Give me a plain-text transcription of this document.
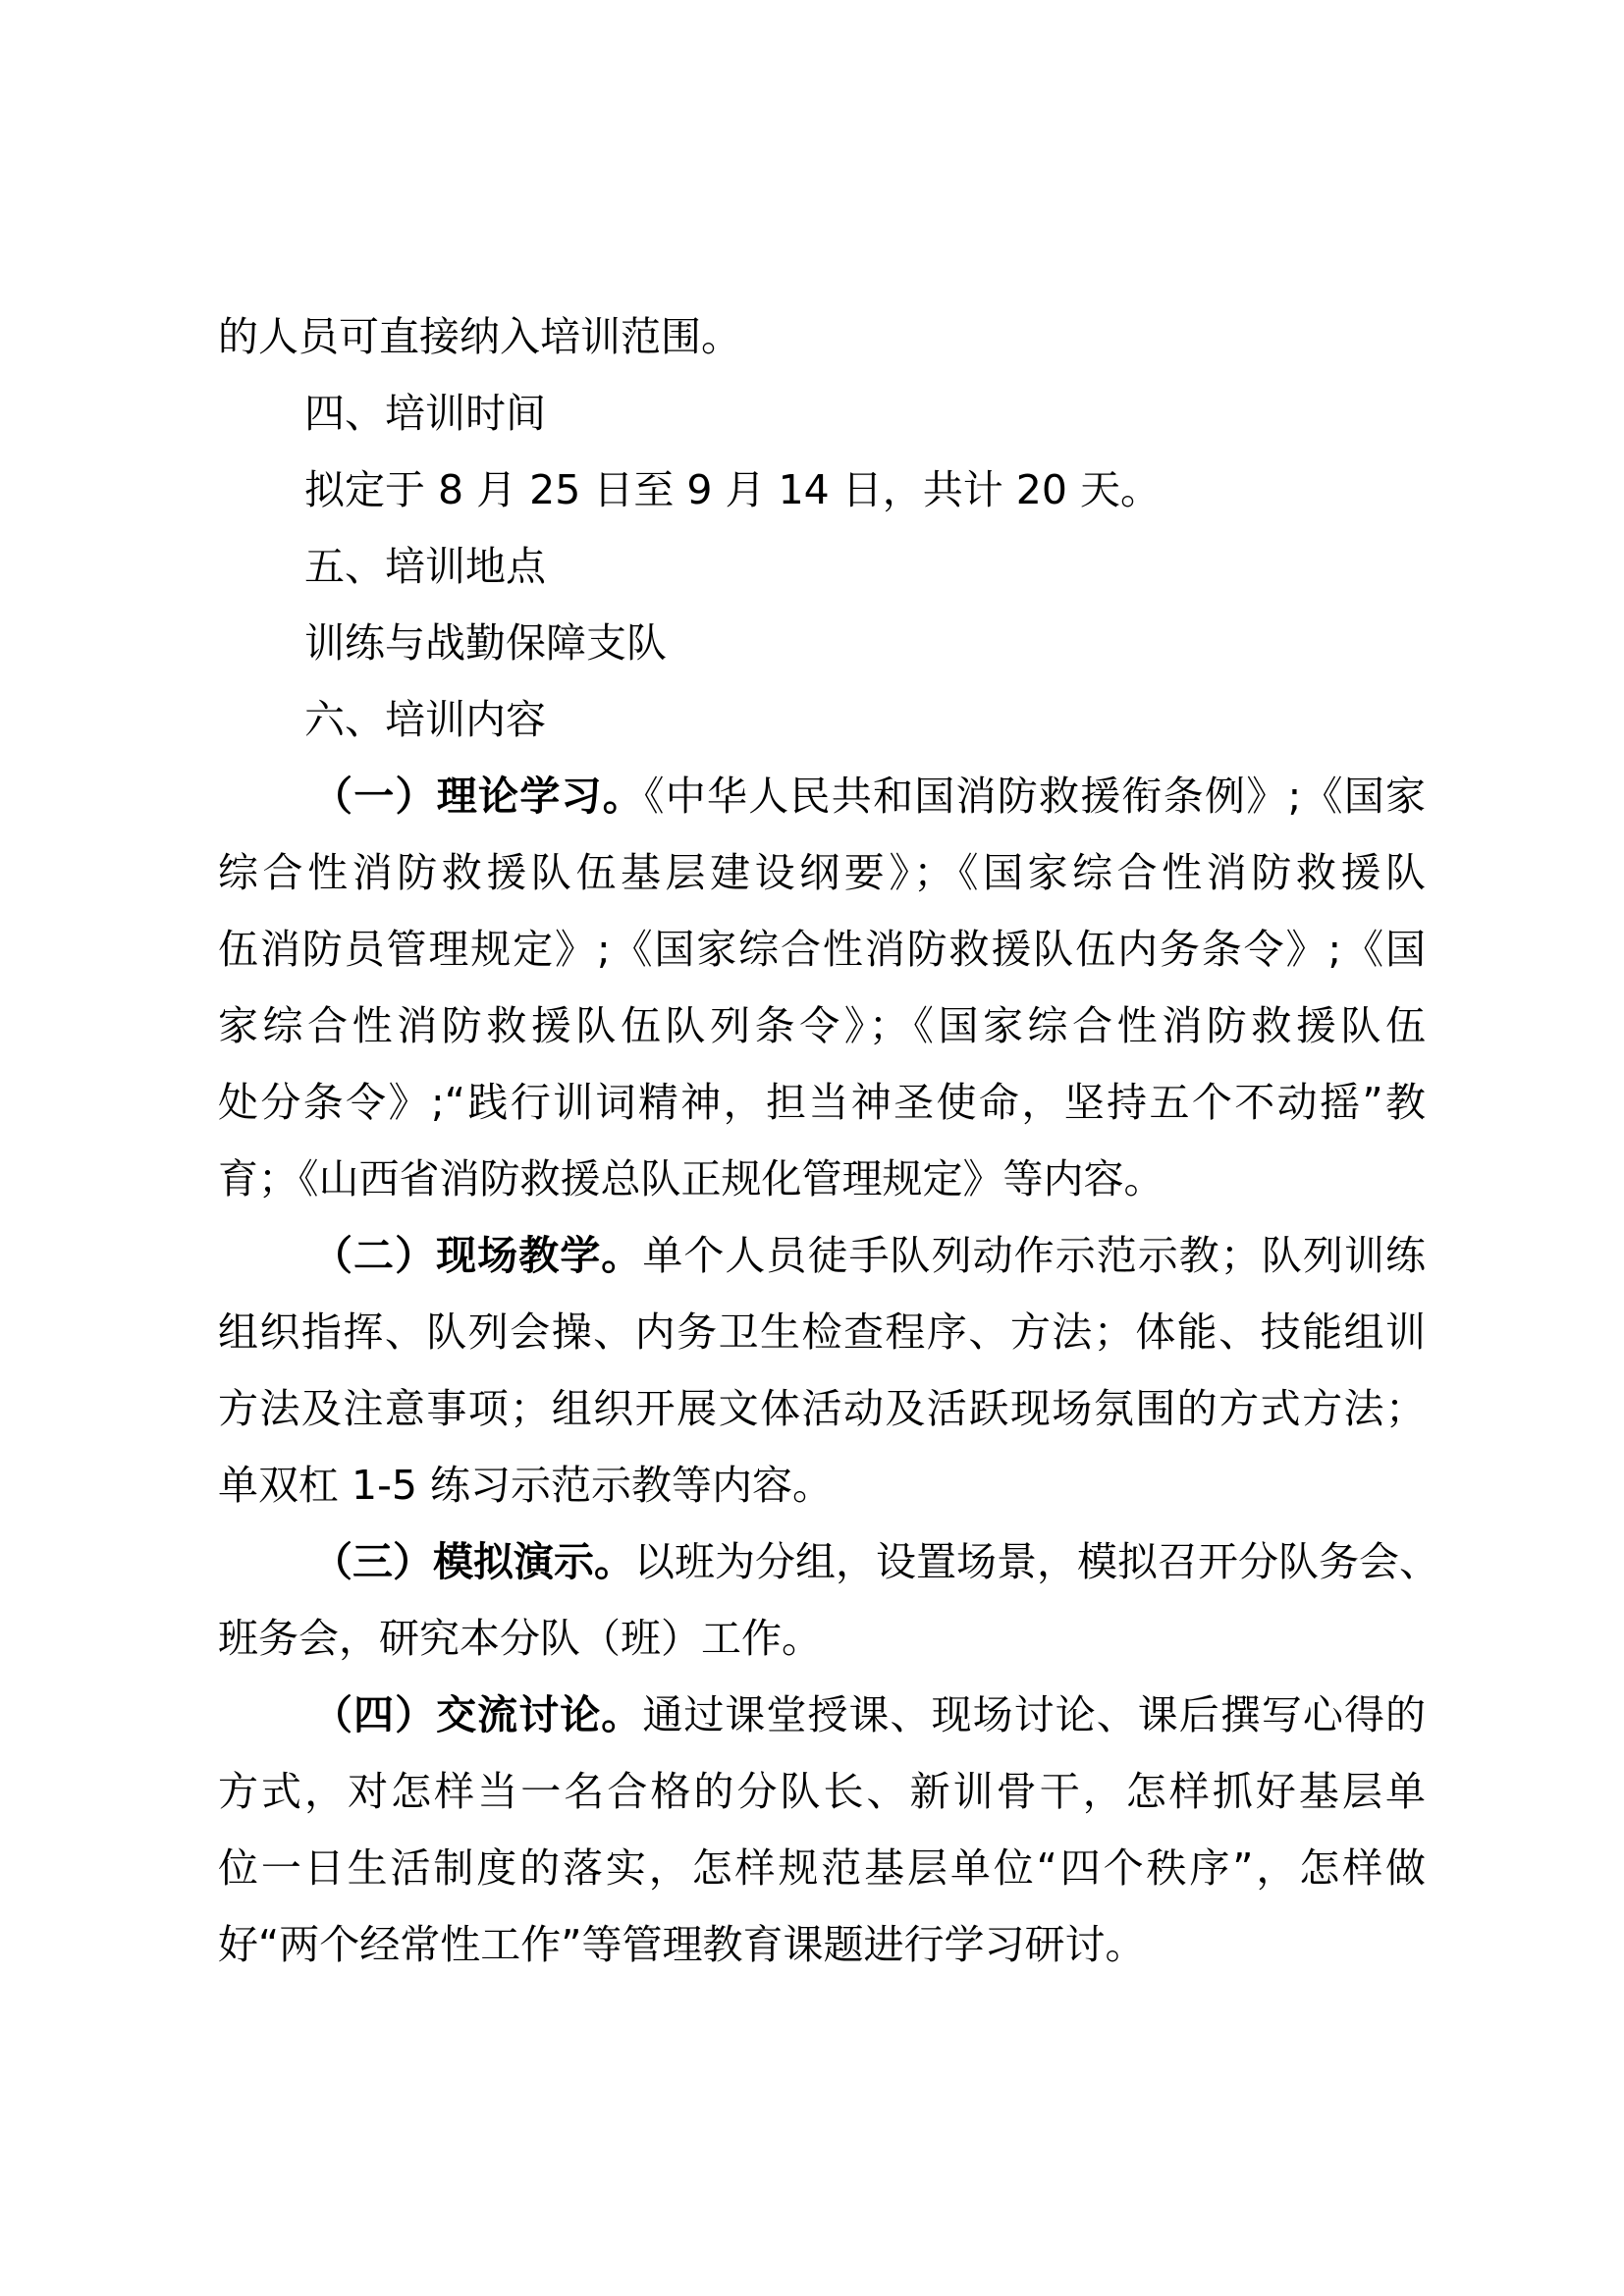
的人员可直接纳入培训范围。
四、培训时间
拟定于 8 月 25 日至 9 月 14 日，共计 20 天。
五、培训地点
训练与战勤保障支队
六、培训内容
（一）理论学习。《中华人民共和国消防救援衔条例》;《国家
综合性消防救援队伍基层建设纲要》；《国家综合性消防救援队
伍消防员管理规定》;《国家综合性消防救援队伍内务条令》;《国
家综合性消防救援队伍队列条令》；《国家综合性消防救援队伍
处分条令》;“践行训词精神，担当神圣使命，坚持五个不动摇”教
育；《山西省消防救援总队正规化管理规定》等内容。
（二）现场教学。单个人员徒手队列动作示范示教；队列训练
组织指挥、队列会操、内务卫生检查程序、方法；体能、技能组训
方法及注意事项；组织开展文体活动及活跃现场氛围的方式方法；
单双杠 1-5 练习示范示教等内容。
（三）模拟演示。以班为分组，设置场景，模拟召开分队务会、
班务会，研究本分队（班）工作。
（四）交流讨论。通过课堂授课、现场讨论、课后撰写心得的
方式，对怎样当一名合格的分队长、新训骨干，怎样抓好基层单
位一日生活制度的落实，怎样规范基层单位“四个秩序”，怎样做
好“两个经常性工作”等管理教育课题进行学习研讨。
